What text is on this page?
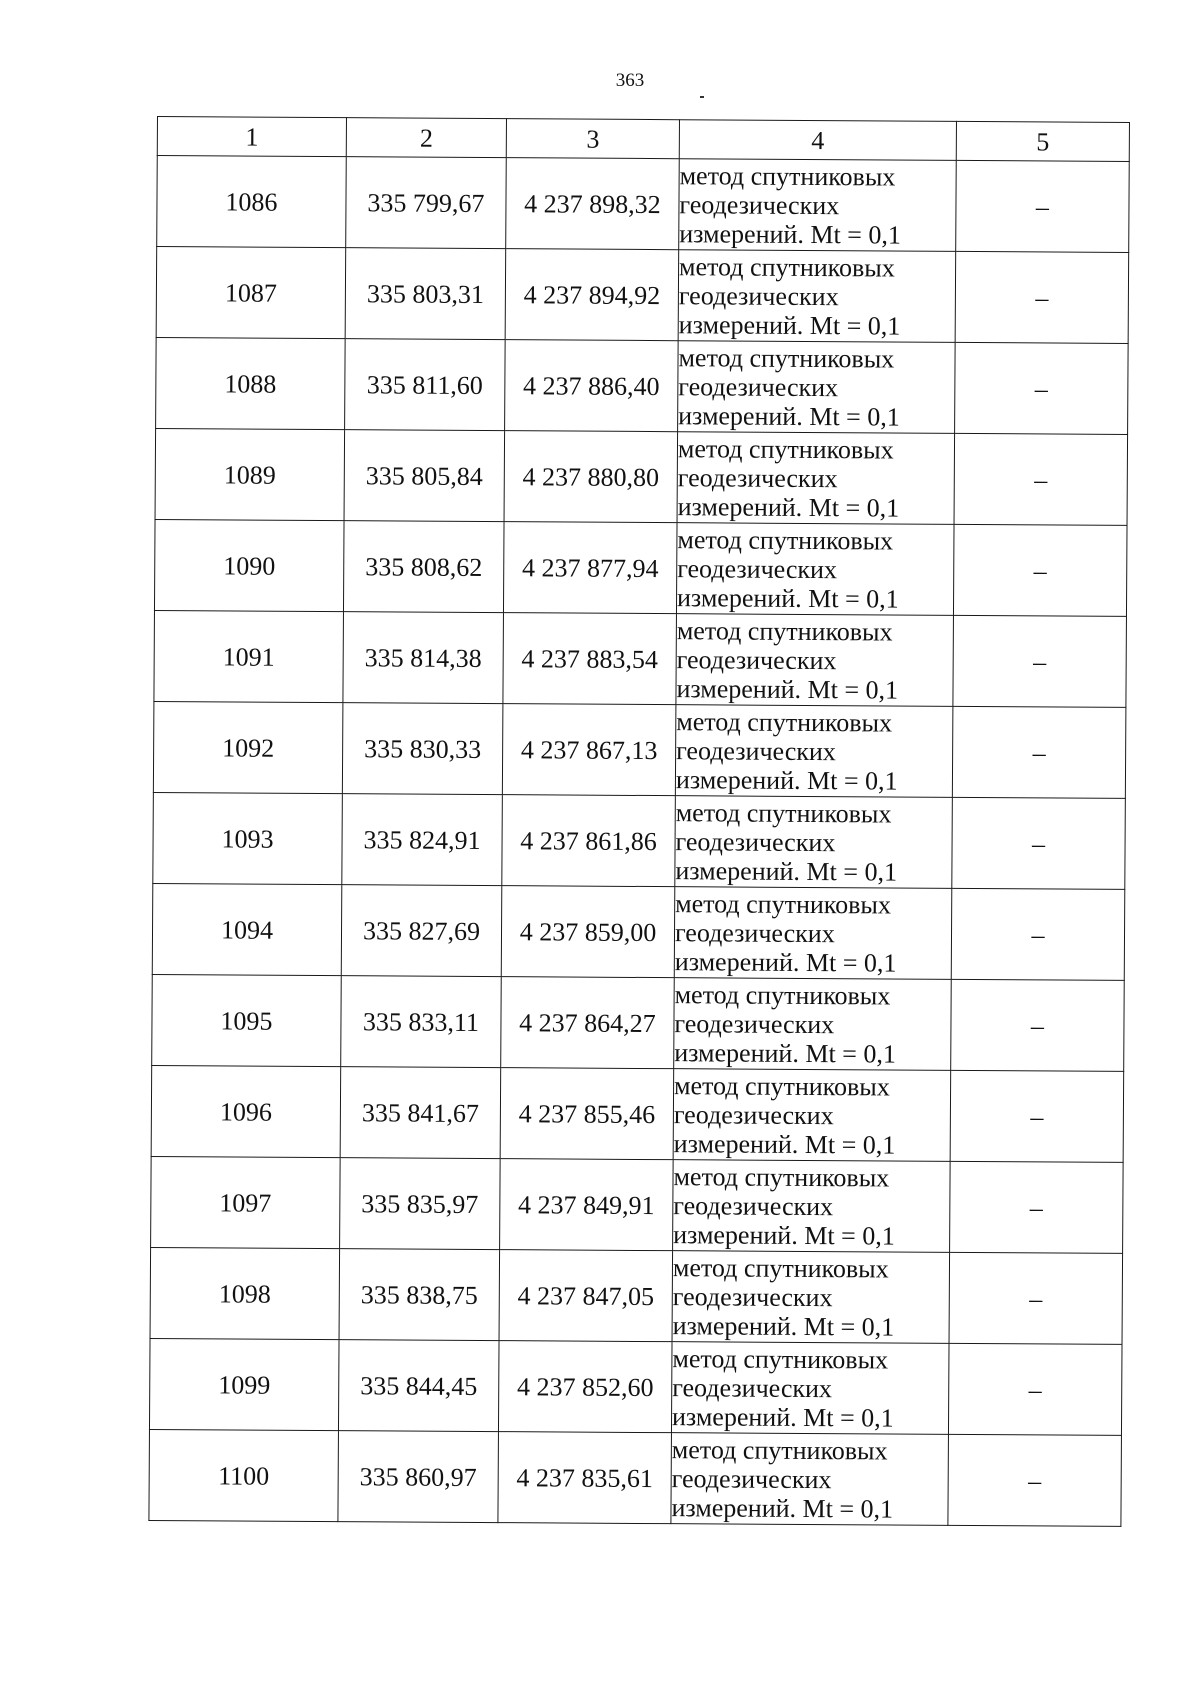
363
1	2	3	4	5
1086	335 799,67	4 237 898,32	метод спутниковых
геодезических
измерений. Mt = 0,1	–
1087	335 803,31	4 237 894,92	метод спутниковых
геодезических
измерений. Mt = 0,1	–
1088	335 811,60	4 237 886,40	метод спутниковых
геодезических
измерений. Mt = 0,1	–
1089	335 805,84	4 237 880,80	метод спутниковых
геодезических
измерений. Mt = 0,1	–
1090	335 808,62	4 237 877,94	метод спутниковых
геодезических
измерений. Mt = 0,1	–
1091	335 814,38	4 237 883,54	метод спутниковых
геодезических
измерений. Mt = 0,1	–
1092	335 830,33	4 237 867,13	метод спутниковых
геодезических
измерений. Mt = 0,1	–
1093	335 824,91	4 237 861,86	метод спутниковых
геодезических
измерений. Mt = 0,1	–
1094	335 827,69	4 237 859,00	метод спутниковых
геодезических
измерений. Mt = 0,1	–
1095	335 833,11	4 237 864,27	метод спутниковых
геодезических
измерений. Mt = 0,1	–
1096	335 841,67	4 237 855,46	метод спутниковых
геодезических
измерений. Mt = 0,1	–
1097	335 835,97	4 237 849,91	метод спутниковых
геодезических
измерений. Mt = 0,1	–
1098	335 838,75	4 237 847,05	метод спутниковых
геодезических
измерений. Mt = 0,1	–
1099	335 844,45	4 237 852,60	метод спутниковых
геодезических
измерений. Mt = 0,1	–
1100	335 860,97	4 237 835,61	метод спутниковых
геодезических
измерений. Mt = 0,1	–
